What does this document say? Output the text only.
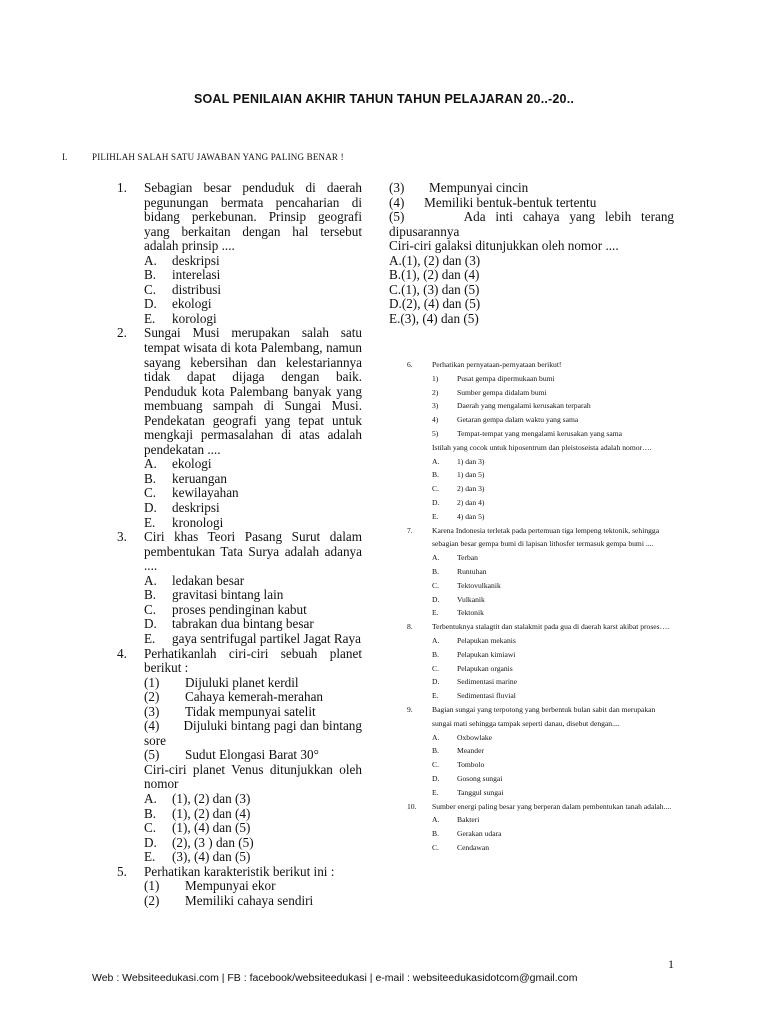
SOAL PENILAIAN AKHIR TAHUN TAHUN PELAJARAN 20..-20..
I.	PILIHLAH SALAH SATU JAWABAN YANG PALING BENAR !
1.	Sebagian besar penduduk di daerah pegunungan bermata pencaharian di bidang perkebunan. Prinsip geografi yang berkaitan dengan hal tersebut adalah prinsip ....
A.	deskripsi
B.	interelasi
C.	distribusi
D.	ekologi
E.	korologi
2.	Sungai Musi merupakan salah satu tempat wisata di kota Palembang, namun sayang kebersihan dan kelestariannya tidak dapat dijaga dengan baik. Penduduk kota Palembang banyak yang membuang sampah di Sungai Musi. Pendekatan geografi yang tepat untuk mengkaji permasalahan di atas adalah pendekatan ....
A.	ekologi
B.	keruangan
C.	kewilayahan
D.	deskripsi
E.	kronologi
3.	Ciri khas Teori Pasang Surut dalam pembentukan Tata Surya adalah adanya ....
A.	ledakan besar
B.	gravitasi bintang lain
C.	proses pendinginan kabut
D.	tabrakan dua bintang besar
E.	gaya sentrifugal partikel Jagat Raya
4.	Perhatikanlah ciri-ciri sebuah planet berikut :
(1)	Dijuluki planet kerdil
(2)	Cahaya kemerah-merahan
(3)	Tidak mempunyai satelit
(4) Dijuluki bintang pagi dan bintang sore
(5)	Sudut Elongasi Barat 30°
Ciri-ciri planet Venus ditunjukkan oleh nomor
A.	(1), (2) dan (3)
B.	(1), (2) dan (4)
C.	(1), (4) dan (5)
D.	(2), (3 ) dan (5)
E.	(3), (4) dan (5)
5.	Perhatikan karakteristik berikut ini :
(1)	Mempunyai ekor
(2)	Memiliki cahaya sendiri
(3)	Mempunyai cincin
(4) Memiliki bentuk-bentuk tertentu
(5)	Ada inti cahaya yang lebih terang dipusarannya
Ciri-ciri galaksi ditunjukkan oleh nomor ....
A.(1), (2) dan (3)
B.(1), (2) dan (4)
C.(1), (3) dan (5)
D.(2), (4) dan (5)
E.(3), (4) dan (5)
6.	Perhatikan pernyataan-pernyataan berikut!
1)	Pusat gempa dipermukaan bumi
2)	Sumber gempa didalam bumi
3)	Daerah yang mengalami kerusakan terparah
4)	Getaran gempa dalam waktu yang sama
5)	Tempat-tempat yang mengalami kerusakan yang sama
Istilah yang cocok untuk hiposentrum dan pleistoseista adalah nomor….
A.	1) dan 3)
B.	1) dan 5)
C.	2) dan 3)
D.	2) dan 4)
E.	4) dan 5)
7.	Karena Indonesia terletak pada pertemuan tiga lempeng tektonik, sehingga sebagian besar gempa bumi di lapisan lithosfer termasuk gempa bumi ....
A.	Terban
B.	Runtuhan
C.	Tektovulkanik
D.	Vulkanik
E.	Tektonik
8.	Terbentuknya stalagtit dan stalakmit pada gua di daerah karst akibat proses….
A.	Pelapukan mekanis
B.	Pelapukan kimiawi
C.	Pelapukan organis
D.	Sedimentasi marine
E.	Sedimentasi fluvial
9.	Bagian sungai yang terpotong yang berbentuk bulan sabit dan merupakan sungai mati sehingga tampak seperti danau, disebut dengan....
A.	Oxbowlake
B.	Meander
C.	Tombolo
D.	Gosong sungai
E.	Tanggul sungai
10.	Sumber energi paling besar yang berperan dalam pembentukan tanah adalah....
A.	Bakteri
B.	Gerakan udara
C.	Cendawan
1
Web : Websiteedukasi.com | FB : facebook/websiteedukasi | e-mail : websiteedukasidotcom@gmail.com
